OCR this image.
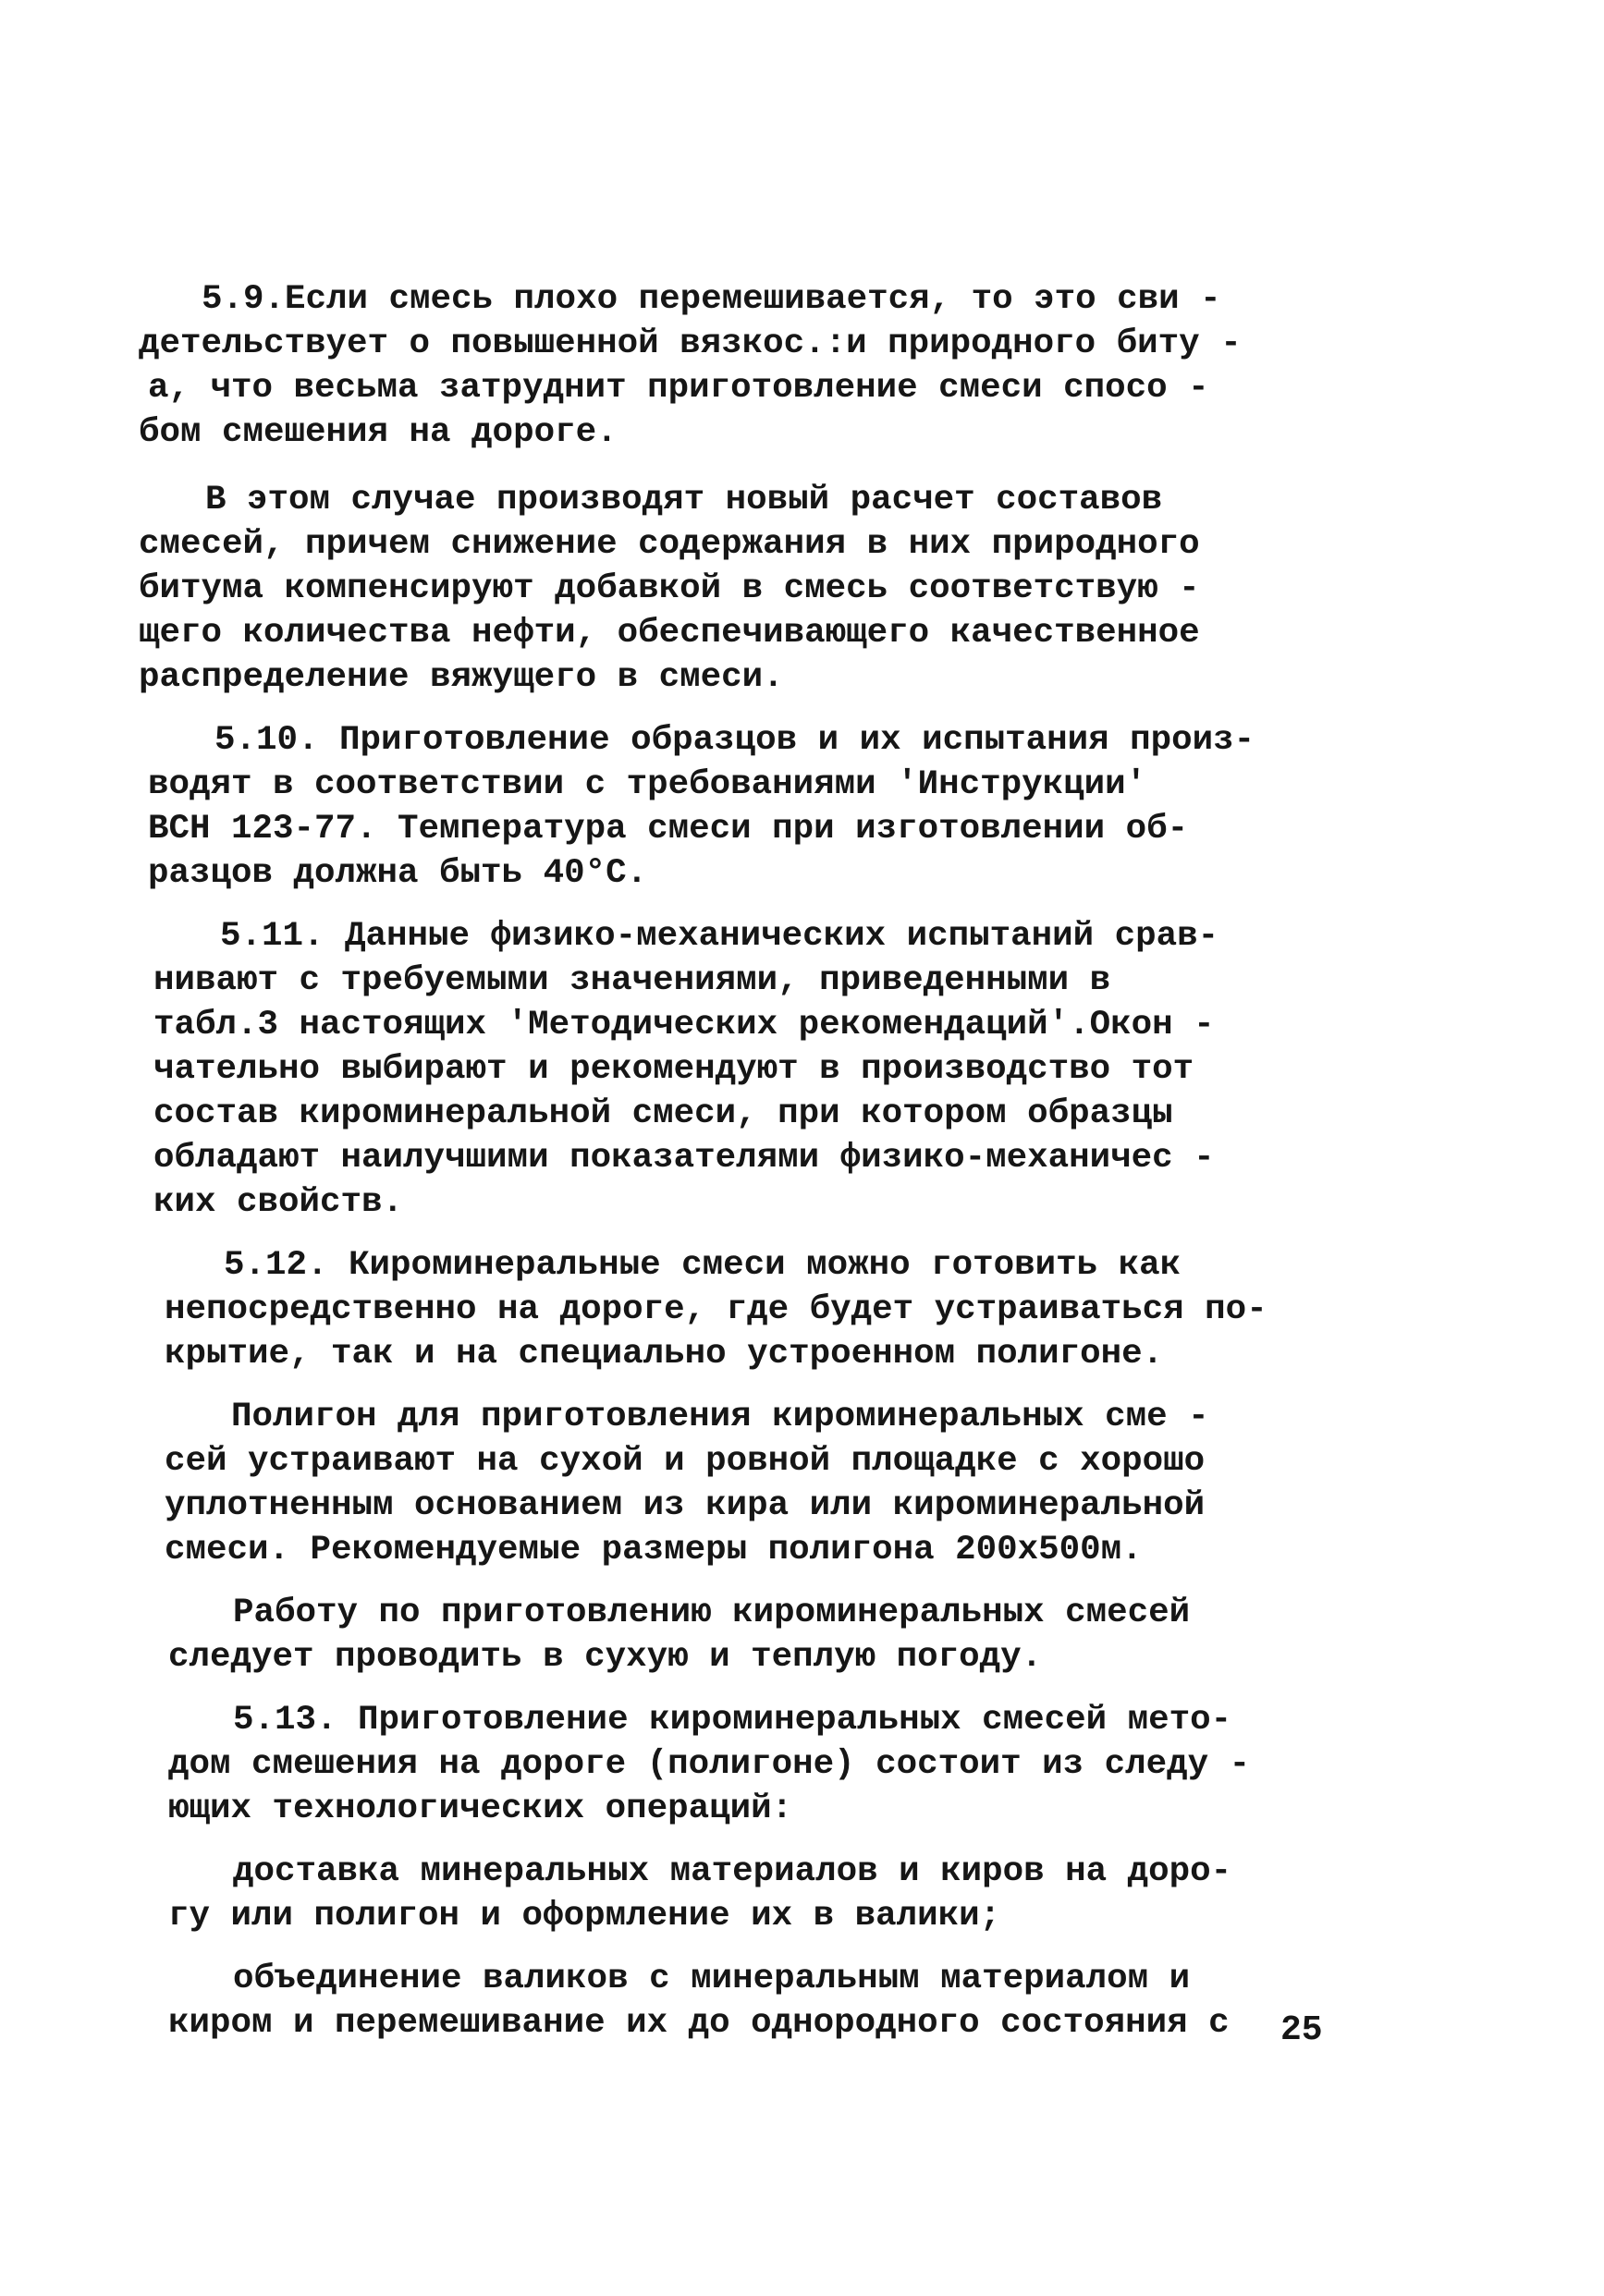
5.9.Если смесь плохо перемешивается, то это сви -
детельствует о повышенной вязкос.:и природного биту -
а, что весьма затруднит приготовление смеси спосо -
бом смешения на дороге.
В этом случае производят новый расчет составов
смесей, причем снижение содержания в них природного
битума компенсируют добавкой в смесь соответствую -
щего количества нефти, обеспечивающего качественное
распределение вяжущего в смеси.
5.10. Приготовление образцов и их испытания произ-
водят в соответствии с требованиями 'Инструкции'
ВСН 123-77. Температура смеси при изготовлении об-
разцов должна быть 40°С.
5.11. Данные физико-механических испытаний срав-
нивают с требуемыми значениями, приведенными в
табл.3 настоящих 'Методических рекомендаций'.Окон -
чательно выбирают и рекомендуют в производство тот
состав кироминеральной смеси, при котором образцы
обладают наилучшими показателями физико-механичес -
ких свойств.
5.12. Кироминеральные смеси можно готовить как
непосредственно на дороге, где будет устраиваться по-
крытие, так и на специально устроенном полигоне.
Полигон для приготовления кироминеральных сме -
сей устраивают на сухой и ровной площадке с хорошо
уплотненным основанием из кира или кироминеральной
смеси. Рекомендуемые размеры полигона 200х500м.
Работу по приготовлению кироминеральных смесей
следует проводить в сухую и теплую погоду.
5.13. Приготовление кироминеральных смесей мето-
дом смешения на дороге (полигоне) состоит из следу -
ющих технологических операций:
доставка минеральных материалов и киров на доро-
гу или полигон и оформление их в валики;
объединение валиков с минеральным материалом и
киром и перемешивание их до однородного состояния с 25
